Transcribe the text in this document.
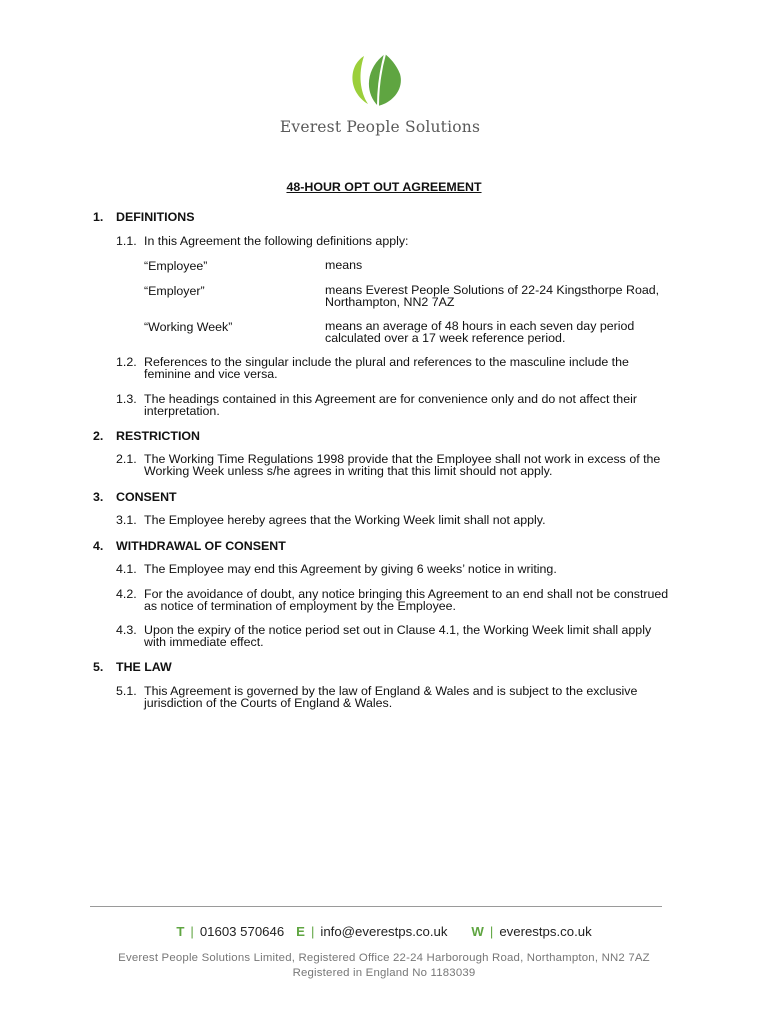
Everest People Solutions
48-HOUR OPT OUT AGREEMENT
1. DEFINITIONS
1.1. In this Agreement the following definitions apply:
“Employee”	means
“Employer”	means Everest People Solutions of 22-24 Kingsthorpe Road, Northampton, NN2 7AZ
“Working Week”	means an average of 48 hours in each seven day period calculated over a 17 week reference period.
1.2. References to the singular include the plural and references to the masculine include the feminine and vice versa.
1.3. The headings contained in this Agreement are for convenience only and do not affect their interpretation.
2. RESTRICTION
2.1. The Working Time Regulations 1998 provide that the Employee shall not work in excess of the Working Week unless s/he agrees in writing that this limit should not apply.
3. CONSENT
3.1. The Employee hereby agrees that the Working Week limit shall not apply.
4. WITHDRAWAL OF CONSENT
4.1. The Employee may end this Agreement by giving 6 weeks’ notice in writing.
4.2. For the avoidance of doubt, any notice bringing this Agreement to an end shall not be construed as notice of termination of employment by the Employee.
4.3. Upon the expiry of the notice period set out in Clause 4.1, the Working Week limit shall apply with immediate effect.
5. THE LAW
5.1. This Agreement is governed by the law of England & Wales and is subject to the exclusive jurisdiction of the Courts of England & Wales.
T | 01603 570646 E | info@everestps.co.uk W | everestps.co.uk
Everest People Solutions Limited, Registered Office 22-24 Harborough Road, Northampton, NN2 7AZ
Registered in England No 1183039
